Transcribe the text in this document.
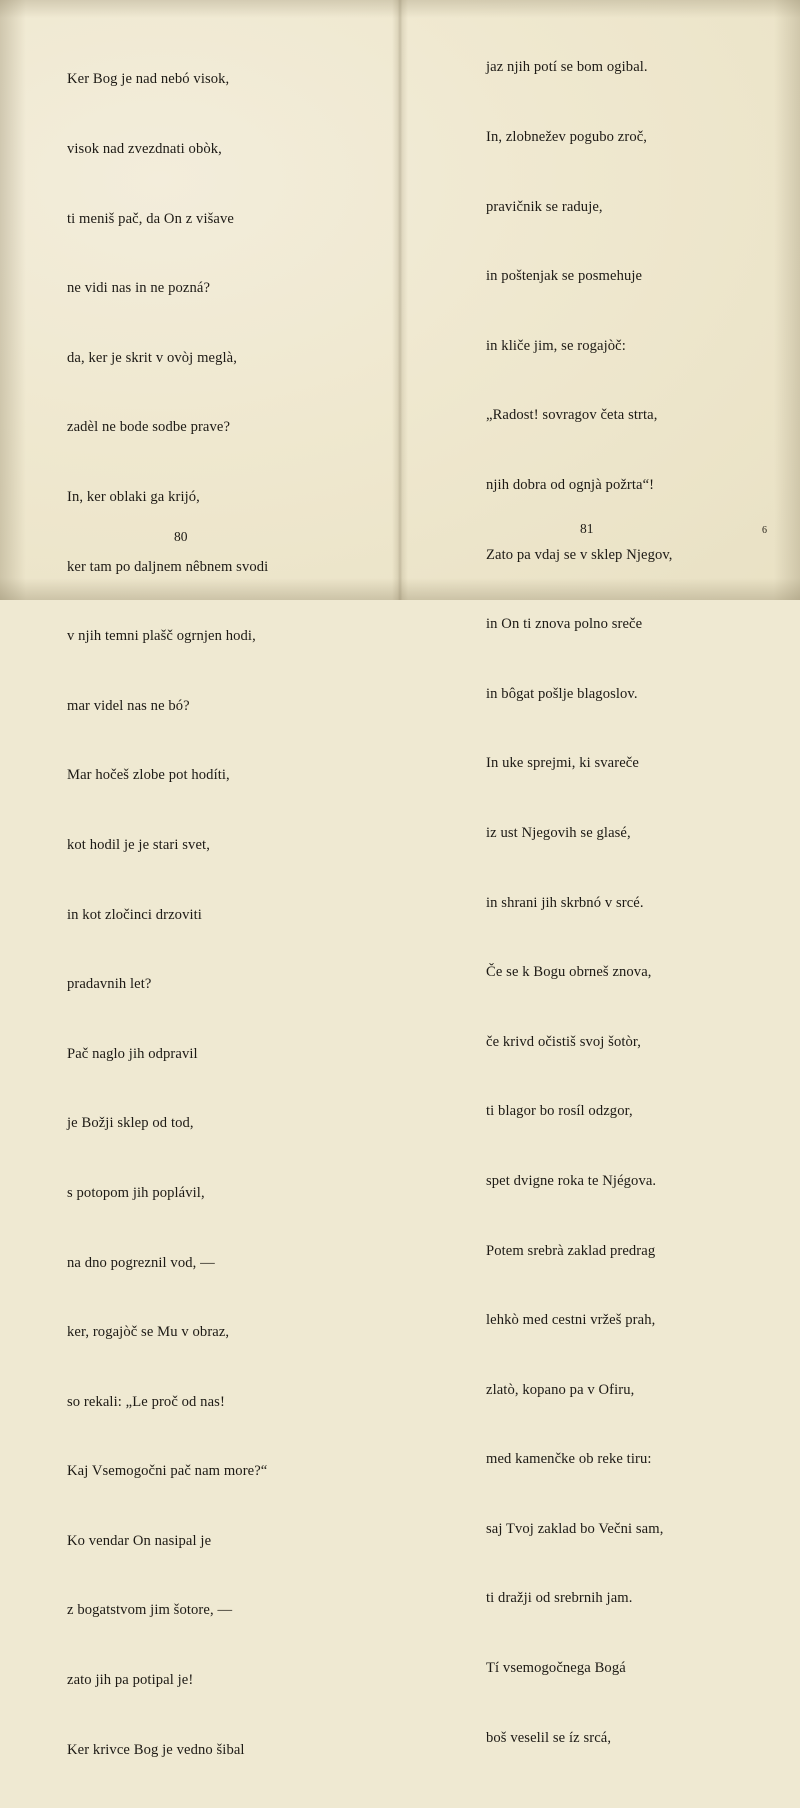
Ker Bog je nad nebó visok,

visok nad zvezdnati obòk,

ti meniš pač, da On z višave

ne vidi nas in ne pozná?

da, ker je skrit v ovòj meglà,

zadèl ne bode sodbe prave?

In, ker oblaki ga krijó,

ker tam po daljnem nêbnem svodi

v njih temni plašč ogrnjen hodi,

mar videl nas ne bó?

Mar hočeš zlobe pot hodíti,

kot hodil je je stari svet,

in kot zločinci drzoviti

pradavnih let?

Pač naglo jih odpravil

je Božji sklep od tod,

s potopom jih poplávil,

na dno pogreznil vod, —

ker, rogajòč se Mu v obraz,

so rekali: „Le proč od nas!

Kaj Vsemogočni pač nam more?“

Ko vendar On nasipal je

z bogatstvom jim šotore, —

zato jih pa potipal je!

Ker krivce Bog je vedno šibal

80

jaz njih potí se bom ogibal.

In, zlobnežev pogubo zroč,

pravičnik se raduje,

in poštenjak se posmehuje

in kliče jim, se rogajòč:

„Radost! sovragov četa strta,

njih dobra od ognjà požrta“!

Zato pa vdaj se v sklep Njegov,

in On ti znova polno sreče

in bôgat pošlje blagoslov.

In uke sprejmi, ki svareče

iz ust Njegovih se glasé,

in shrani jih skrbnó v srcé.

Če se k Bogu obrneš znova,

če krivd očistiš svoj šotòr,

ti blagor bo rosíl odzgor,

spet dvigne roka te Njégova.

Potem srebrà zaklad predrag

lehkò med cestni vržeš prah,

zlatò, kopano pa v Ofiru,

med kamenčke ob reke tiru:

saj Tvoj zaklad bo Večni sam,

ti dražji od srebrnih jam.

Tí vsemogočnega Bogá

boš veselil se íz srcá,

81	6
